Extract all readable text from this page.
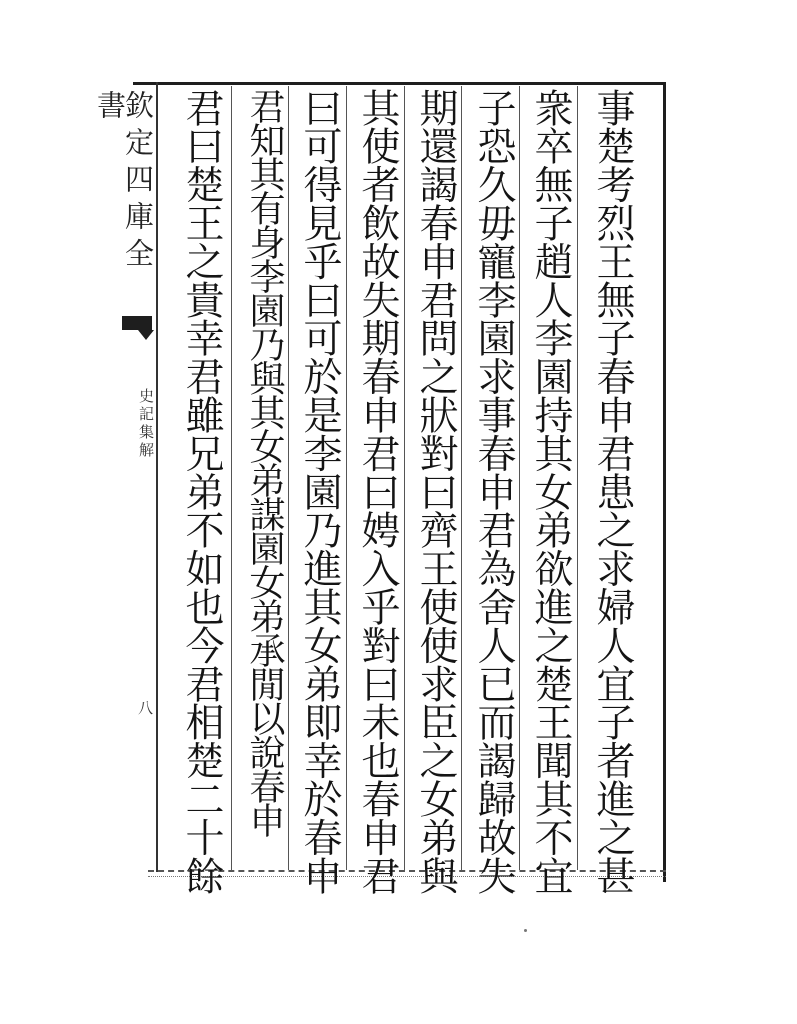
欽定四庫全書
史記集解
八	事楚考烈王無子春申君患之求婦人宜子者進之甚
衆卒無子趙人李園持其女弟欲進之楚王聞其不宜
子恐久毋寵李園求事春申君為舍人已而謁歸故失
期還謁春申君問之狀對曰齊王使使求臣之女弟與
其使者飲故失期春申君曰娉入乎對曰未也春申君
曰可得見乎曰可於是李園乃進其女弟即幸於春申
君知其有身李園乃與其女弟謀園女弟承閒以說春申
君曰楚王之貴幸君雖兄弟不如也今君相楚二十餘
